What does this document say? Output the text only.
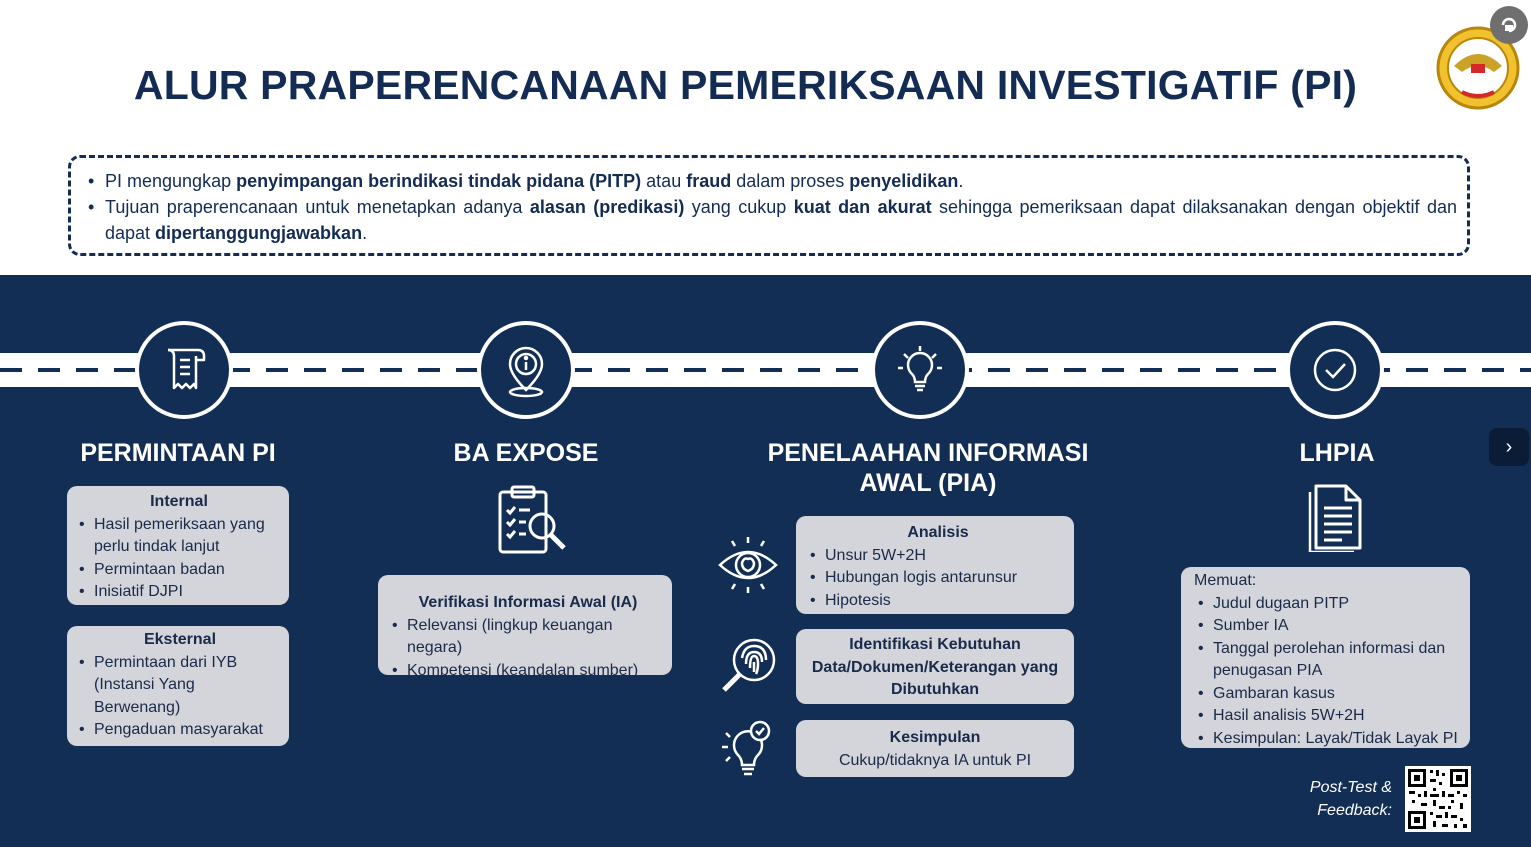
ALUR PRAPERENCANAAN PEMERIKSAAN INVESTIGATIF (PI)
• PI mengungkap penyimpangan berindikasi tindak pidana (PITP) atau fraud dalam proses penyelidikan.
• Tujuan praperencanaan untuk menetapkan adanya alasan (predikasi) yang cukup kuat dan akurat sehingga pemeriksaan dapat dilaksanakan dengan objektif dan dapat dipertanggungjawabkan.
PERMINTAAN PI	BA EXPOSE	PENELAAHAN INFORMASI
AWAL (PIA)
LHPIA
Internal
• Hasil pemeriksaan yang perlu tindak lanjut
• Permintaan badan
• Inisiatif DJPI
Eksternal
• Permintaan dari IYB (Instansi Yang Berwenang)
• Pengaduan masyarakat
Verifikasi Informasi Awal (IA)
• Relevansi (lingkup keuangan negara)
• Kompetensi (keandalan sumber)
Analisis
• Unsur 5W+2H
• Hubungan logis antarunsur
• Hipotesis
Identifikasi Kebutuhan Data/Dokumen/Keterangan yang Dibutuhkan
Kesimpulan
Cukup/tidaknya IA untuk PI
Memuat:
• Judul dugaan PITP
• Sumber IA
• Tanggal perolehan informasi dan penugasan PIA
• Gambaran kasus
• Hasil analisis 5W+2H
• Kesimpulan: Layak/Tidak Layak PI
›
Post-Test &
Feedback:
